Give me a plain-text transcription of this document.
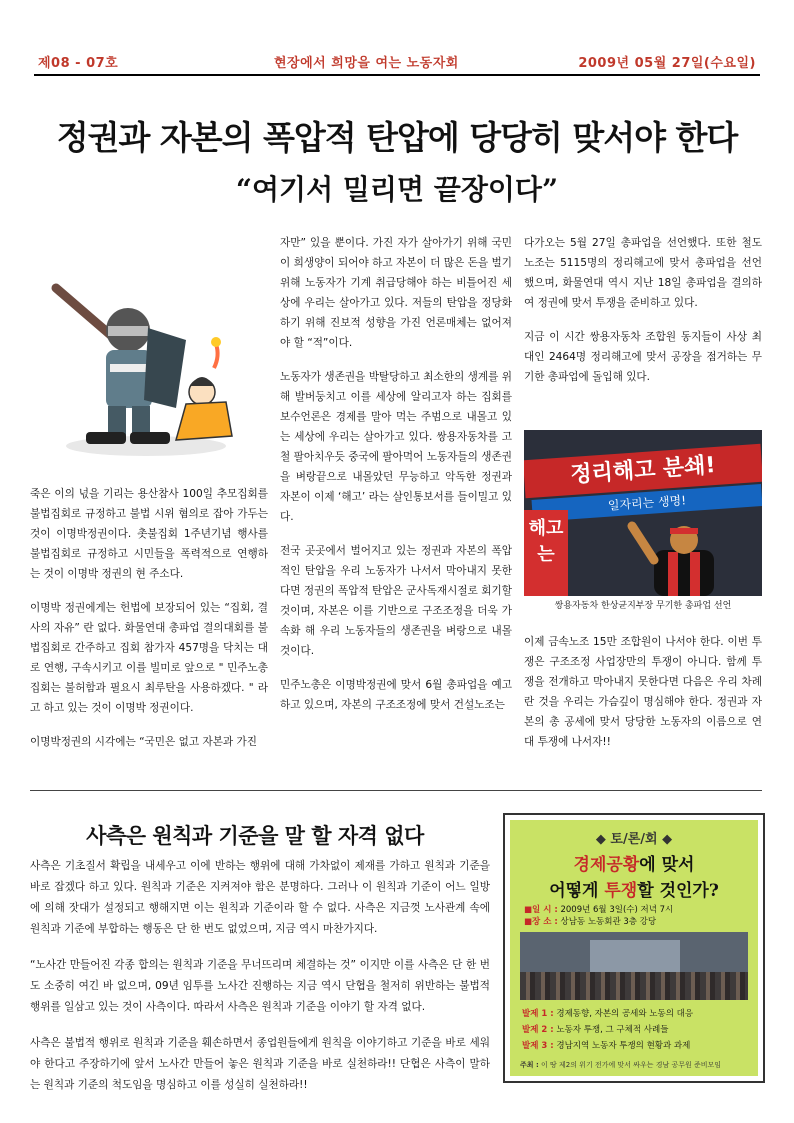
제08 - 07호	현장에서 희망을 여는 노동자회	2009년 05월 27일(수요일)
정권과 자본의 폭압적 탄압에 당당히 맞서야 한다
“여기서 밀리면 끝장이다”

죽은 이의 넋을 기리는 용산참사 100일 추모집회를 불법집회로 규정하고 불법 시위 혐의로 잡아 가두는 것이 이명박정권이다. 촛불집회 1주년기념 행사를 불법집회로 규정하고 시민들을 폭력적으로 연행하는 것이 이명박 정권의 현 주소다.

이명박 정권에게는 헌법에 보장되어 있는 “집회, 결사의 자유” 란 없다. 화물연대 총파업 결의대회를 불법집회로 간주하고 집회 참가자 457명을 닥치는 대로 연행, 구속시키고 이를 빌미로 앞으로 " 민주노총 집회는 불허함과 필요시 최루탄을 사용하겠다. " 라고 하고 있는 것이 이명박 정권이다.

이명박정권의 시각에는 “국민은 없고 자본과 가진

자만” 있을 뿐이다. 가진 자가 살아가기 위해 국민이 희생양이 되어야 하고 자본이 더 많은 돈을 벌기 위해 노동자가 기계 취급당해야 하는 비틀어진 세상에 우리는 살아가고 있다. 저들의 탄압을 정당화하기 위해 진보적 성향을 가진 언론매체는 없어져야 할 “적”이다.

노동자가 생존권을 박탈당하고 최소한의 생계를 위해 발버둥치고 이를 세상에 알리고자 하는 집회를 보수언론은 경제를 말아 먹는 주범으로 내몰고 있는 세상에 우리는 살아가고 있다. 쌍용자동차를 고철 팔아치우듯 중국에 팔아먹어 노동자들의 생존권을 벼랑끝으로 내몰았던 무능하고 악독한 정권과 자본이 이제 ‘해고’ 라는 살인통보서를 들이밀고 있다.

전국 곳곳에서 벌어지고 있는 정권과 자본의 폭압적인 탄압을 우리 노동자가 나서서 막아내지 못한다면 정권의 폭압적 탄압은 군사독재시절로 회기할 것이며, 자본은 이를 기반으로 구조조정을 더욱 가속화 해 우리 노동자들의 생존권을 벼랑으로 내몰 것이다.

민주노총은 이명박정권에 맞서 6월 총파업을 예고하고 있으며, 자본의 구조조정에 맞서 건설노조는

다가오는 5월 27일 총파업을 선언했다. 또한 철도노조는 5115명의 정리해고에 맞서 총파업을 선언했으며, 화물연대 역시 지난 18일 총파업을 결의하여 정권에 맞서 투쟁을 준비하고 있다.

지금 이 시간 쌍용자동차 조합원 동지들이 사상 최대인 2464명 정리해고에 맞서 공장을 점거하는 무기한 총파업에 돌입해 있다.

정리해고 분쇄!
일자리는 생명!
해고는
쌍용자동차 한상균지부장 무기한 총파업 선언

이제 금속노조 15만 조합원이 나서야 한다. 이번 투쟁은 구조조정 사업장만의 투쟁이 아니다. 함께 투쟁을 전개하고 막아내지 못한다면 다음은 우리 차례란 것을 우리는 가슴깊이 명심해야 한다. 정권과 자본의 총 공세에 맞서 당당한 노동자의 이름으로 연대 투쟁에 나서자!!

사측은 원칙과 기준을 말 할 자격 없다

사측은 기초질서 확립을 내세우고 이에 반하는 행위에 대해 가차없이 제재를 가하고 원칙과 기준을 바로 잡겠다 하고 있다. 원칙과 기준은 지켜져야 함은 분명하다. 그러나 이 원칙과 기준이 어느 일방에 의해 잣대가 설정되고 행해지면 이는 원칙과 기준이라 할 수 없다. 사측은 지금껏 노사관계 속에 원칙과 기준에 부합하는 행동은 단 한 번도 없었으며, 지금 역시 마찬가지다.

“노사간 만들어진 각종 합의는 원칙과 기준을 무너뜨리며 체결하는 것” 이지만 이를 사측은 단 한 번도 소중히 여긴 바 없으며, 09년 임투를 노사간 진행하는 지금 역시 단협을 철저히 위반하는 불법적 행위를 일삼고 있는 것이 사측이다. 따라서 사측은 원칙과 기준을 이야기 할 자격 없다.

사측은 불법적 행위로 원칙과 기준을 훼손하면서 종업원들에게 원칙을 이야기하고 기준을 바로 세워야 한다고 주장하기에 앞서 노사간 만들어 놓은 원칙과 기준을 바로 실천하라!! 단협은 사측이 말하는 원칙과 기준의 척도임을 명심하고 이를 성실히 실천하라!!

◆ 토/론/회 ◆
경제공황에 맞서
어떻게 투쟁할 것인가?
■일 시 : 2009년 6월 3일(수) 저녁 7시
■장 소 : 상남동 노동회관 3층 강당
발제 1 : 경제동향, 자본의 공세와 노동의 대응
발제 2 : 노동자 투쟁, 그 구체적 사례들
발제 3 : 경남지역 노동자 투쟁의 현황과 과제
주최 : 이 땅 제2의 위기 전가에 맞서 싸우는 경남 공무원 준비모임
